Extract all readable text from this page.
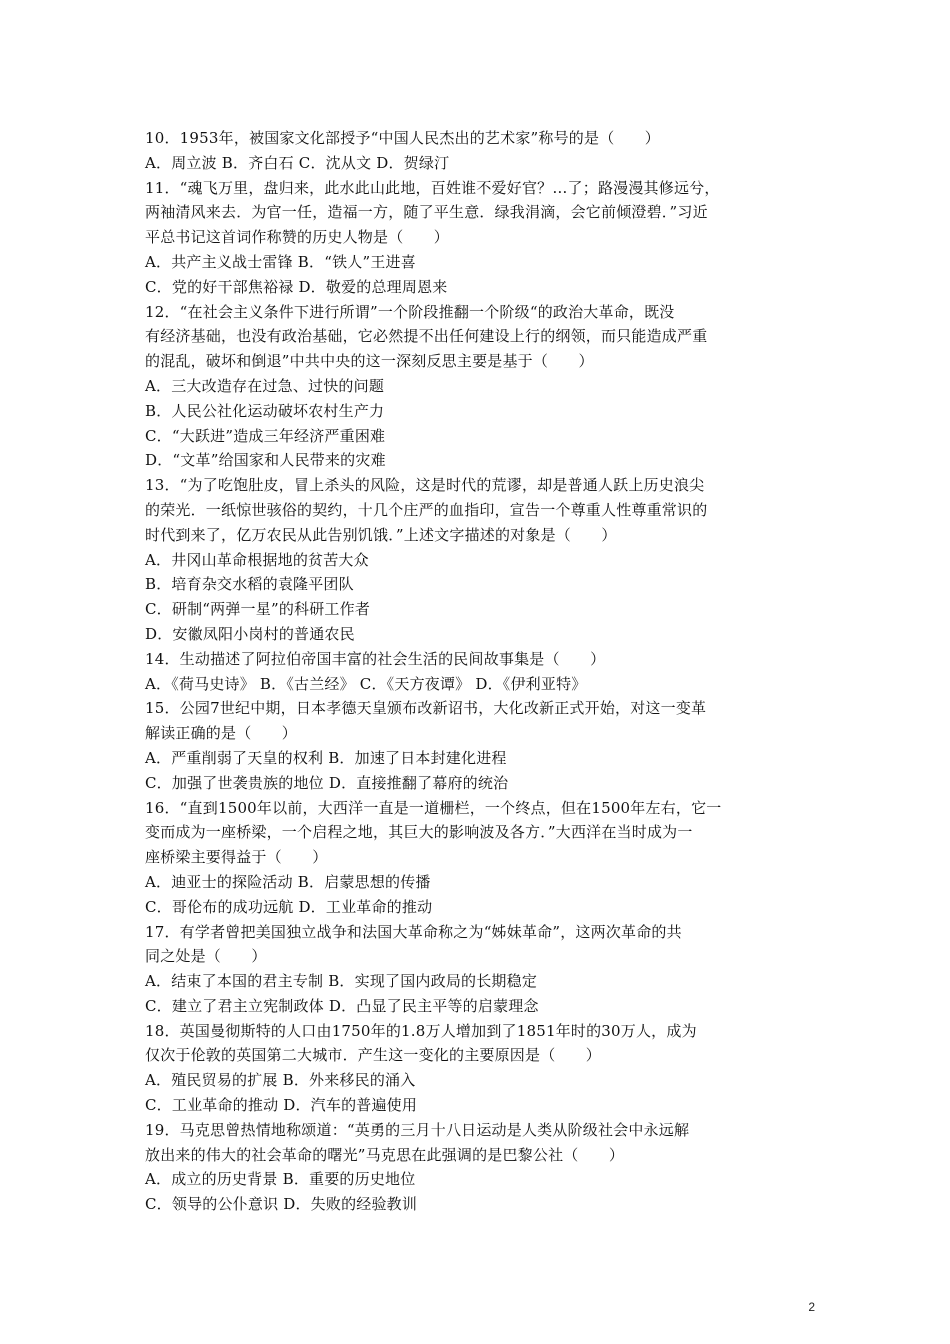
10．1953年，被国家文化部授予“中国人民杰出的艺术家”称号的是（　　）
A．周立波 B．齐白石 C．沈从文 D．贺绿汀
11．“魂飞万里，盘归来，此水此山此地，百姓谁不爱好官？…了；路漫漫其修远兮，
两袖清风来去．为官一任，造福一方，随了平生意．绿我涓滴，会它前倾澄碧．”习近
平总书记这首词作称赞的历史人物是（　　）
A．共产主义战士雷锋 B．“铁人”王进喜
C．党的好干部焦裕禄 D．敬爱的总理周恩来
12．“在社会主义条件下进行所谓”一个阶段推翻一个阶级“的政治大革命，既没
有经济基础，也没有政治基础，它必然提不出任何建设上行的纲领，而只能造成严重
的混乱，破坏和倒退”中共中央的这一深刻反思主要是基于（　　）
A．三大改造存在过急、过快的问题
B．人民公社化运动破坏农村生产力
C．“大跃进”造成三年经济严重困难
D．“文革”给国家和人民带来的灾难
13．“为了吃饱肚皮，冒上杀头的风险，这是时代的荒谬，却是普通人跃上历史浪尖
的荣光．一纸惊世骇俗的契约，十几个庄严的血指印，宣告一个尊重人性尊重常识的
时代到来了，亿万农民从此告别饥饿．”上述文字描述的对象是（　　）
A．井冈山革命根据地的贫苦大众
B．培育杂交水稻的袁隆平团队
C．研制“两弹一星”的科研工作者
D．安徽凤阳小岗村的普通农民
14．生动描述了阿拉伯帝国丰富的社会生活的民间故事集是（　　）
A．《荷马史诗》 B．《古兰经》 C．《天方夜谭》 D．《伊利亚特》
15．公园7世纪中期，日本孝德天皇颁布改新诏书，大化改新正式开始，对这一变革
解读正确的是（　　）
A．严重削弱了天皇的权利 B．加速了日本封建化进程
C．加强了世袭贵族的地位 D．直接推翻了幕府的统治
16．“直到1500年以前，大西洋一直是一道栅栏，一个终点，但在1500年左右，它一
变而成为一座桥梁，一个启程之地，其巨大的影响波及各方．”大西洋在当时成为一
座桥梁主要得益于（　　）
A．迪亚士的探险活动 B．启蒙思想的传播
C．哥伦布的成功远航 D．工业革命的推动
17．有学者曾把美国独立战争和法国大革命称之为“姊妹革命”，这两次革命的共
同之处是（　　）
A．结束了本国的君主专制 B．实现了国内政局的长期稳定
C．建立了君主立宪制政体 D．凸显了民主平等的启蒙理念
18．英国曼彻斯特的人口由1750年的1.8万人增加到了1851年时的30万人，成为
仅次于伦敦的英国第二大城市．产生这一变化的主要原因是（　　）
A．殖民贸易的扩展 B．外来移民的涌入
C．工业革命的推动 D．汽车的普遍使用
19．马克思曾热情地称颂道：“英勇的三月十八日运动是人类从阶级社会中永远解
放出来的伟大的社会革命的曙光”马克思在此强调的是巴黎公社（　　）
A．成立的历史背景 B．重要的历史地位
C．领导的公仆意识 D．失败的经验教训
2
